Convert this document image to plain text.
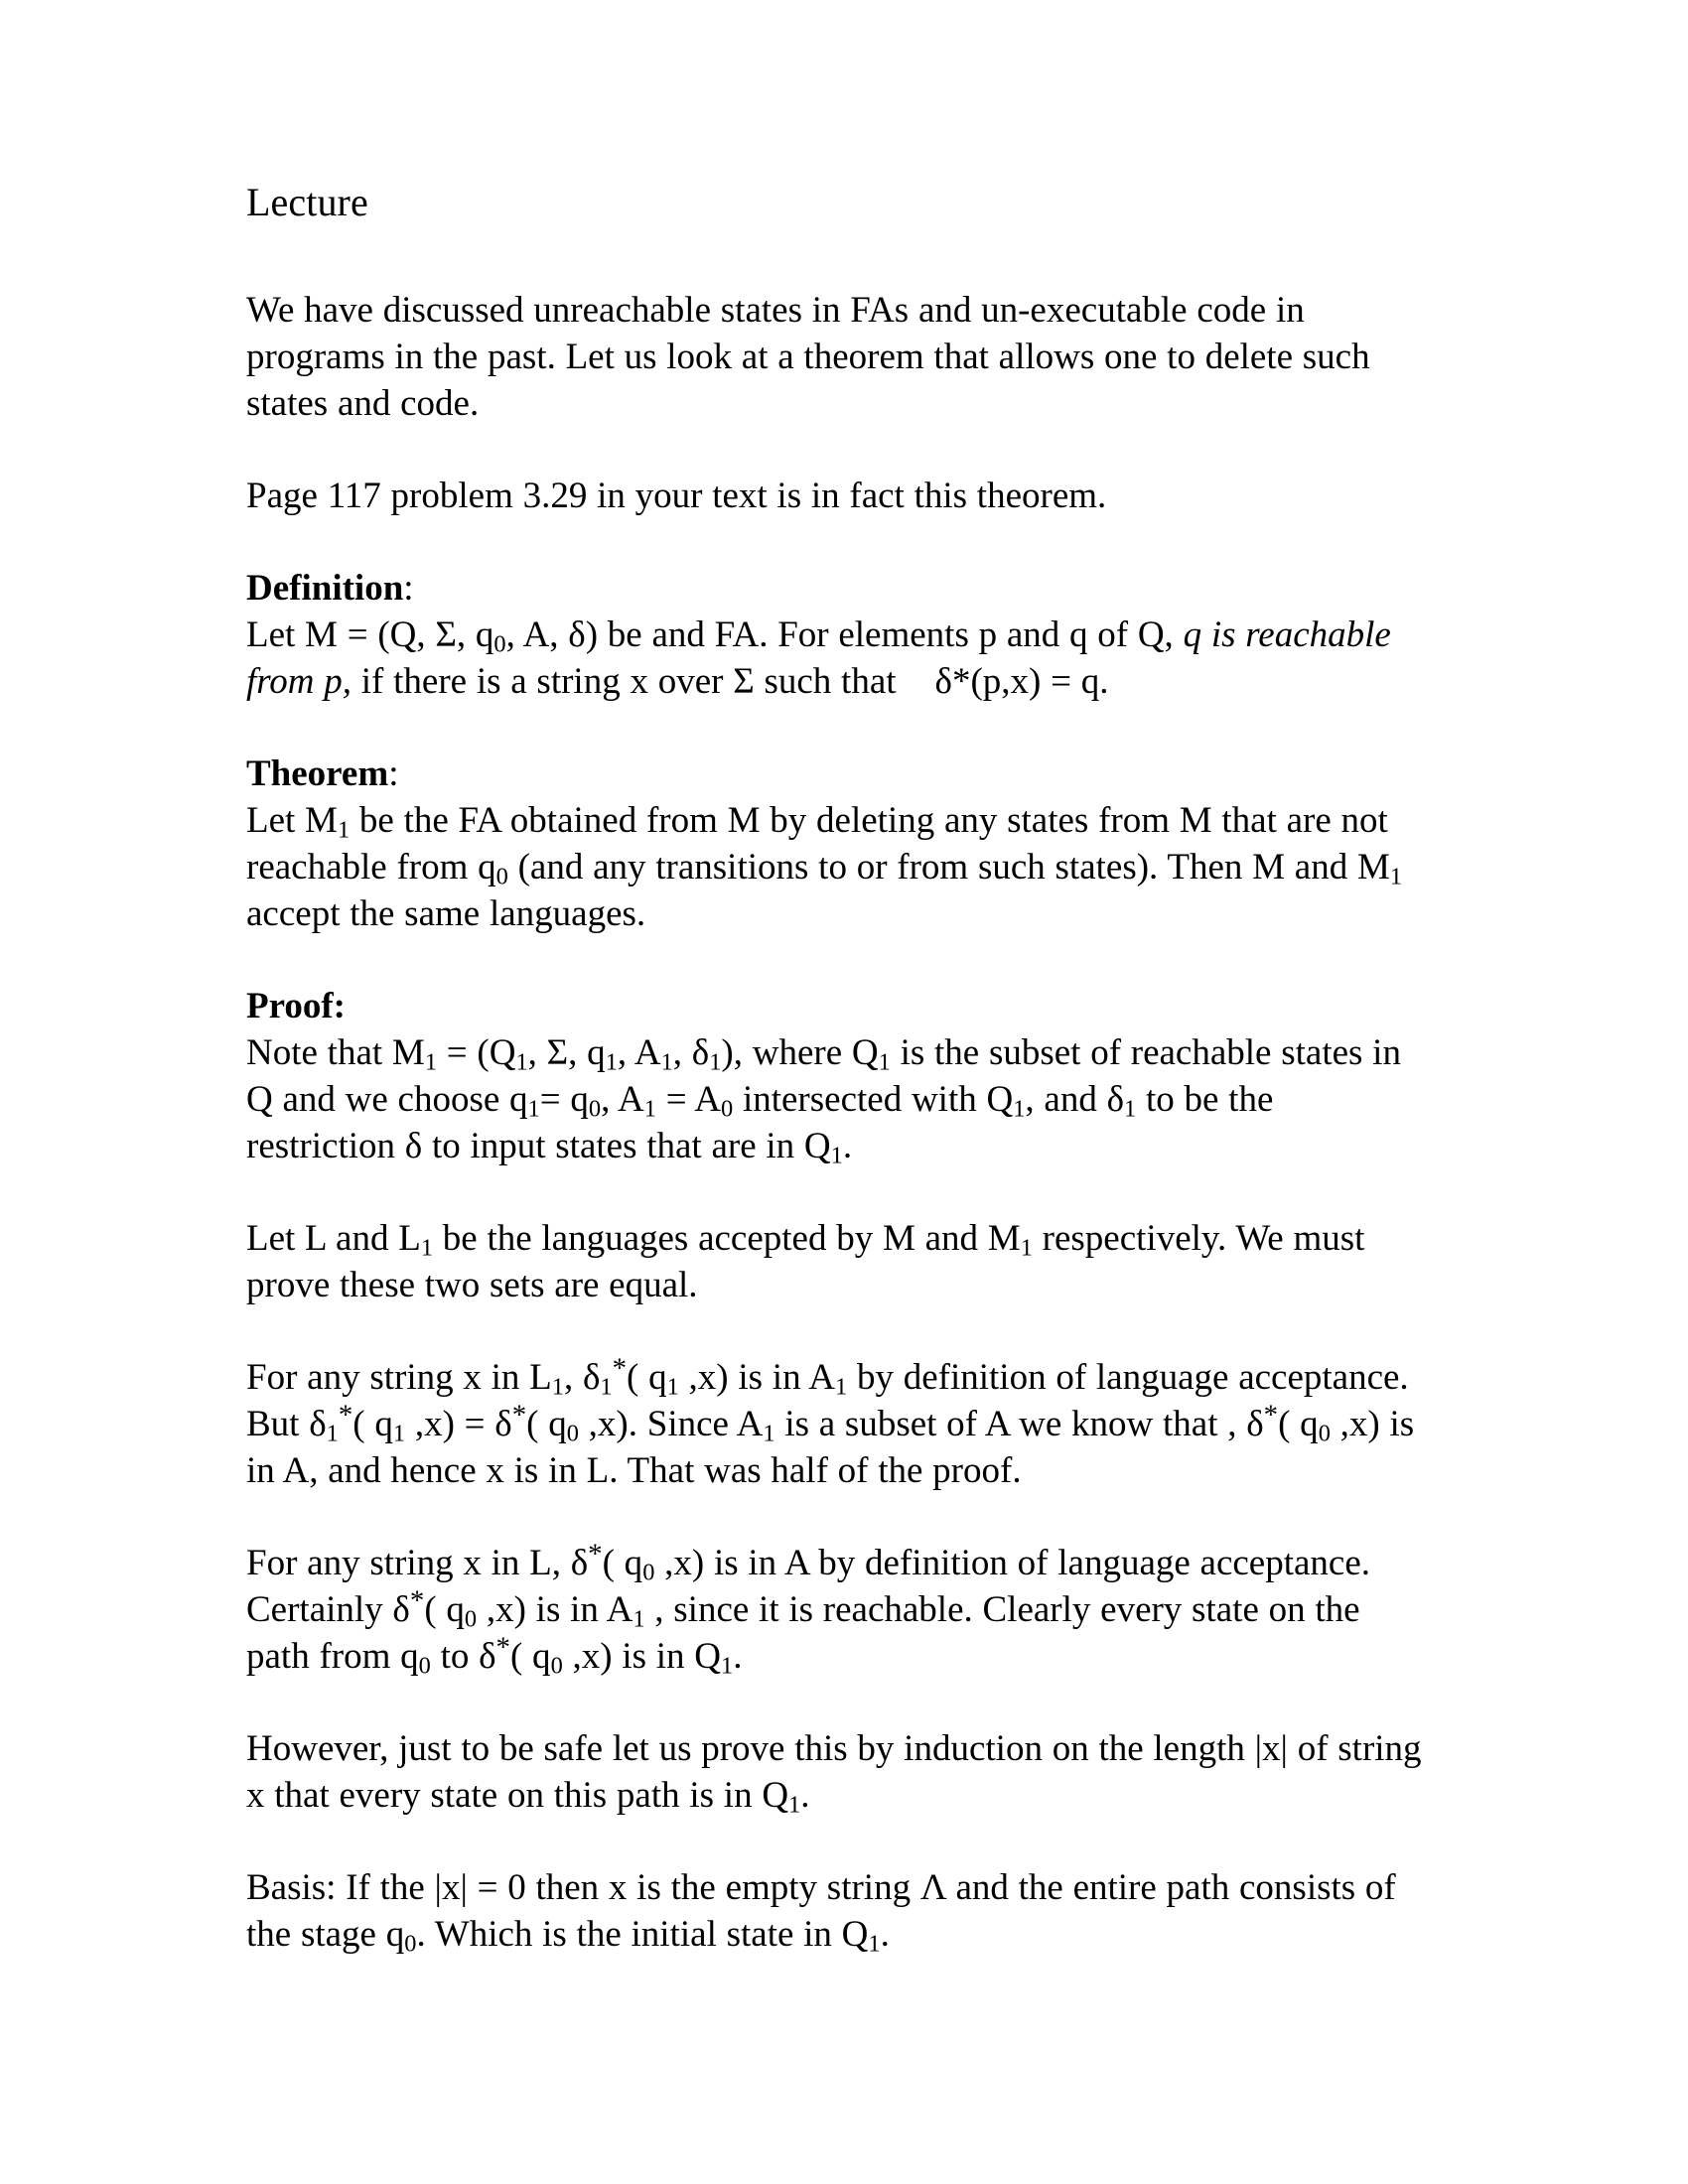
Lecture

We have discussed unreachable states in FAs and un-executable code in programs in the past. Let us look at a theorem that allows one to delete such states and code.

Page 117 problem 3.29 in your text is in fact this theorem.

Definition:

Let M = (Q, Σ, $q_0$, A, δ) be and FA. For elements p and q of Q, q is reachable from p, if there is a string x over Σ such that δ*(p,x) = q.

Theorem:

Let $M_1$ be the FA obtained from M by deleting any states from M that are not reachable from $q_0$ (and any transitions to or from such states). Then M and $M_1$ accept the same languages.

Proof:

Note that $M_1 = (Q_1$, Σ, $q_1$, $A_1$, $\delta_1$), where $Q_1$ is the subset of reachable states in Q and we choose $q_1= q_0$, $A_1 = A_0$ intersected with $Q_1$, and $\delta_1$ to be the restriction δ to input states that are in $Q_1$.

Let L and $L_1$ be the languages accepted by M and $M_1$ respectively. We must prove these two sets are equal.

For any string x in $L_1$, $\delta_1^*$( $q_1$ ,x) is in $A_1$ by definition of language acceptance. But $\delta_1^*$( $q_1$ ,x) = δ*( $q_0$ ,x). Since $A_1$ is a subset of A we know that , δ*( $q_0$ ,x) is in A, and hence x is in L. That was half of the proof.

For any string x in L, δ*( $q_0$ ,x) is in A by definition of language acceptance. Certainly δ*( $q_0$ ,x) is in $A_1$ , since it is reachable. Clearly every state on the path from $q_0$ to δ*( $q_0$ ,x) is in $Q_1$.

However, just to be safe let us prove this by induction on the length |x| of string x that every state on this path is in $Q_1$.

Basis: If the |x| = 0 then x is the empty string Λ and the entire path consists of the stage $q_0$. Which is the initial state in $Q_1$.
